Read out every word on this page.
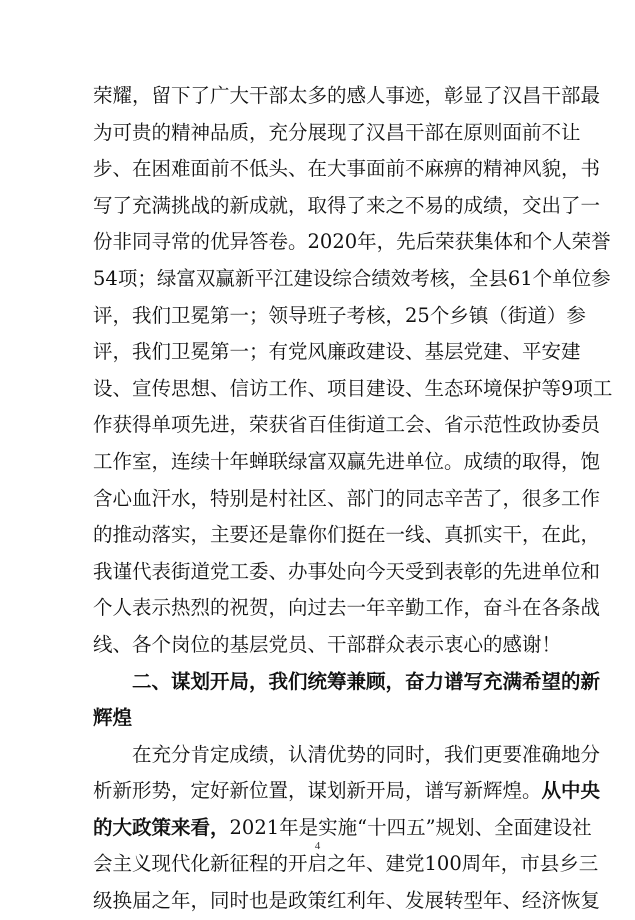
荣耀，留下了广大干部太多的感人事迹，彰显了汉昌干部最
为可贵的精神品质，充分展现了汉昌干部在原则面前不让
步、在困难面前不低头、在大事面前不麻痹的精神风貌，书
写了充满挑战的新成就，取得了来之不易的成绩，交出了一
份非同寻常的优异答卷。2020年，先后荣获集体和个人荣誉
54项；绿富双赢新平江建设综合绩效考核，全县61个单位参
评，我们卫冕第一；领导班子考核，25个乡镇（街道）参
评，我们卫冕第一；有党风廉政建设、基层党建、平安建
设、宣传思想、信访工作、项目建设、生态环境保护等9项工
作获得单项先进，荣获省百佳街道工会、省示范性政协委员
工作室，连续十年蝉联绿富双赢先进单位。成绩的取得，饱
含心血汗水，特别是村社区、部门的同志辛苦了，很多工作
的推动落实，主要还是靠你们挺在一线、真抓实干，在此，
我谨代表街道党工委、办事处向今天受到表彰的先进单位和
个人表示热烈的祝贺，向过去一年辛勤工作，奋斗在各条战
线、各个岗位的基层党员、干部群众表示衷心的感谢！
二、谋划开局，我们统筹兼顾，奋力谱写充满希望的新
辉煌
在充分肯定成绩，认清优势的同时，我们更要准确地分
析新形势，定好新位置，谋划新开局，谱写新辉煌。从中央
的大政策来看，2021年是实施“十四五”规划、全面建设社
会主义现代化新征程的开启之年、建党100周年，市县乡三
级换届之年，同时也是政策红利年、发展转型年、经济恢复
4
